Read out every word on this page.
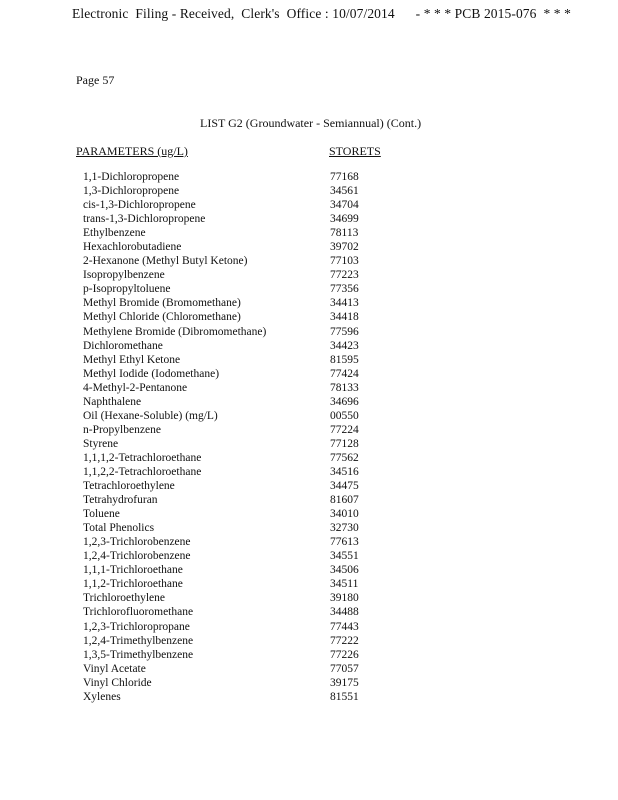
Electronic  Filing - Received,  Clerk's  Office : 10/07/2014 - * * * PCB 2015-076  * * *
Page 57
LIST G2 (Groundwater - Semiannual) (Cont.)
PARAMETERS (ug/L)	STORETS
1,1-Dichloropropene	77168
1,3-Dichloropropene	34561
cis-1,3-Dichloropropene	34704
trans-1,3-Dichloropropene	34699
Ethylbenzene	78113
Hexachlorobutadiene	39702
2-Hexanone (Methyl Butyl Ketone)	77103
Isopropylbenzene	77223
p-Isopropyltoluene	77356
Methyl Bromide (Bromomethane)	34413
Methyl Chloride (Chloromethane)	34418
Methylene Bromide (Dibromomethane)	77596
Dichloromethane	34423
Methyl Ethyl Ketone	81595
Methyl Iodide (Iodomethane)	77424
4-Methyl-2-Pentanone	78133
Naphthalene	34696
Oil (Hexane-Soluble) (mg/L)	00550
n-Propylbenzene	77224
Styrene	77128
1,1,1,2-Tetrachloroethane	77562
1,1,2,2-Tetrachloroethane	34516
Tetrachloroethylene	34475
Tetrahydrofuran	81607
Toluene	34010
Total Phenolics	32730
1,2,3-Trichlorobenzene	77613
1,2,4-Trichlorobenzene	34551
1,1,1-Trichloroethane	34506
1,1,2-Trichloroethane	34511
Trichloroethylene	39180
Trichlorofluoromethane	34488
1,2,3-Trichloropropane	77443
1,2,4-Trimethylbenzene	77222
1,3,5-Trimethylbenzene	77226
Vinyl Acetate	77057
Vinyl Chloride	39175
Xylenes	81551
